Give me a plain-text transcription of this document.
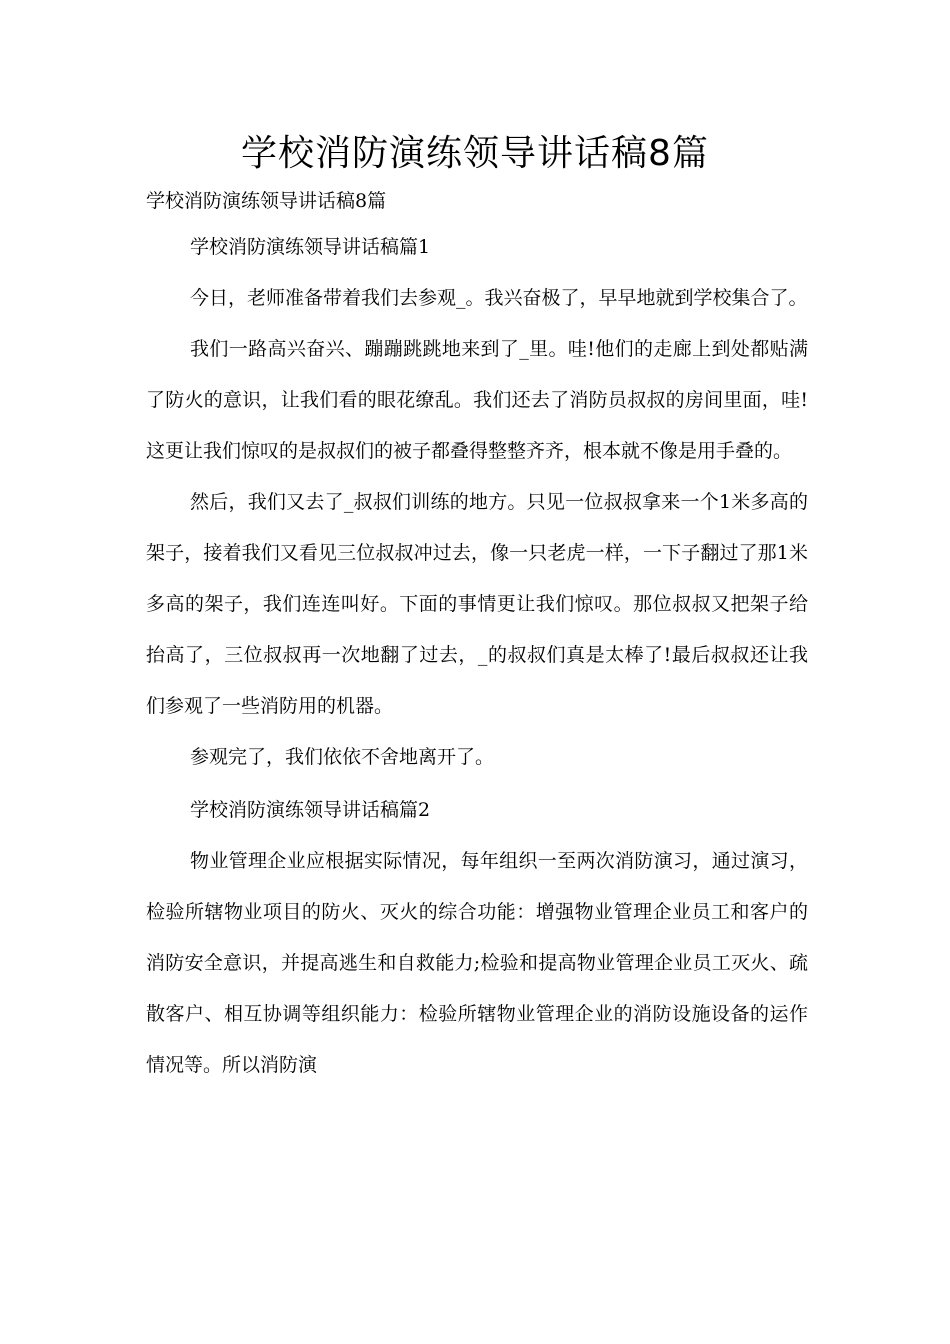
学校消防演练领导讲话稿8篇

学校消防演练领导讲话稿8篇

学校消防演练领导讲话稿篇1

今日，老师准备带着我们去参观_。我兴奋极了，早早地就到学校集合了。

我们一路高兴奋兴、蹦蹦跳跳地来到了_里。哇!他们的走廊上到处都贴满了防火的意识，让我们看的眼花缭乱。我们还去了消防员叔叔的房间里面，哇!这更让我们惊叹的是叔叔们的被子都叠得整整齐齐，根本就不像是用手叠的。

然后，我们又去了_叔叔们训练的地方。只见一位叔叔拿来一个1米多高的架子，接着我们又看见三位叔叔冲过去，像一只老虎一样，一下子翻过了那1米多高的架子，我们连连叫好。下面的事情更让我们惊叹。那位叔叔又把架子给抬高了，三位叔叔再一次地翻了过去，_的叔叔们真是太棒了!最后叔叔还让我们参观了一些消防用的机器。

参观完了，我们依依不舍地离开了。

学校消防演练领导讲话稿篇2

物业管理企业应根据实际情况，每年组织一至两次消防演习，通过演习，检验所辖物业项目的防火、灭火的综合功能：增强物业管理企业员工和客户的消防安全意识，并提高逃生和自救能力;检验和提高物业管理企业员工灭火、疏散客户、相互协调等组织能力：检验所辖物业管理企业的消防设施设备的运作情况等。所以消防演
